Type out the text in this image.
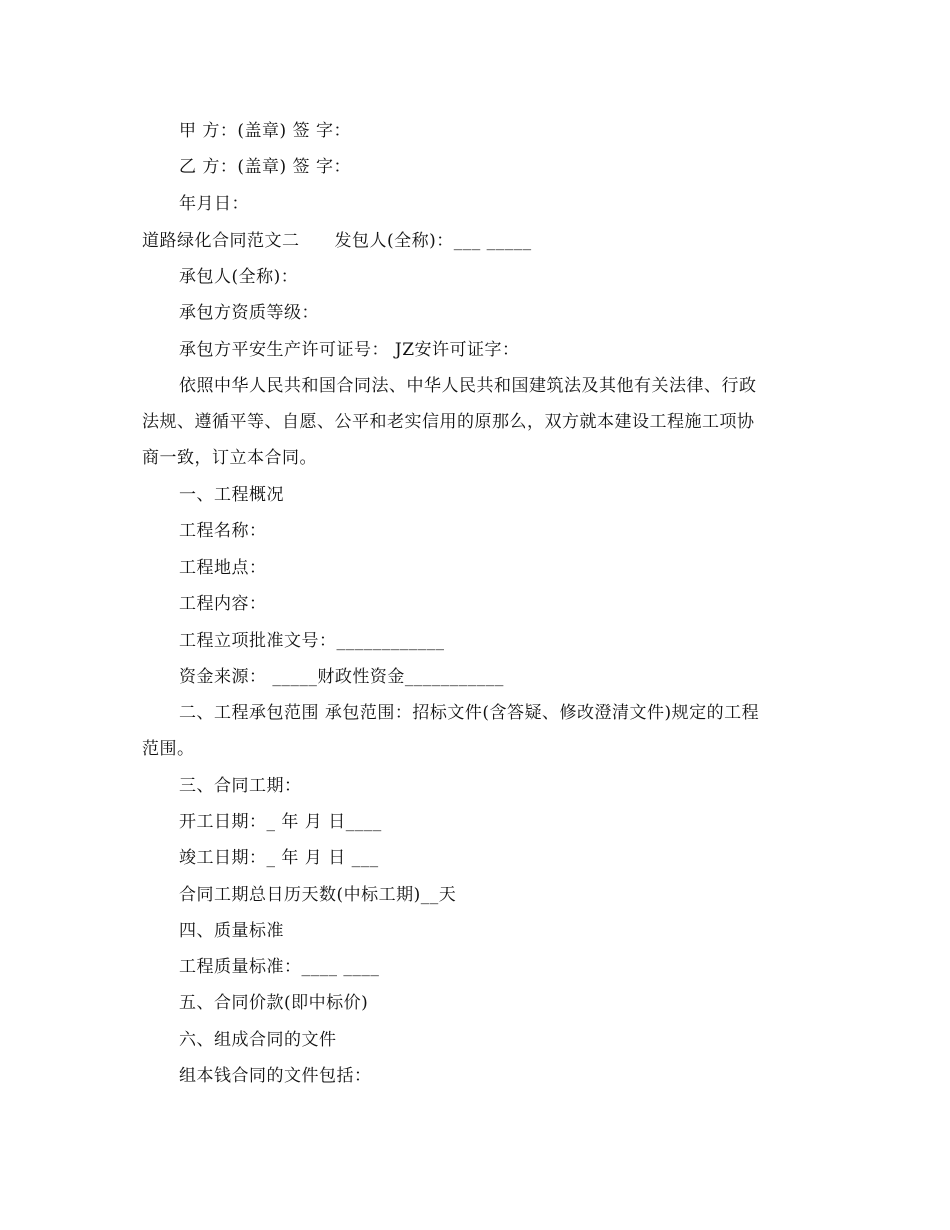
甲 方：(盖章) 签 字：
乙 方：(盖章) 签 字：
年月日：
道路绿化合同范文二　　发包人(全称)：___ _____
承包人(全称)：
承包方资质等级：
承包方平安生产许可证号： JZ安许可证字：
依照中华人民共和国合同法、中华人民共和国建筑法及其他有关法律、行政
法规、遵循平等、自愿、公平和老实信用的原那么，双方就本建设工程施工项协
商一致，订立本合同。
一、工程概况
工程名称：
工程地点：
工程内容：
工程立项批准文号：____________
资金来源： _____财政性资金___________
二、工程承包范围 承包范围：招标文件(含答疑、修改澄清文件)规定的工程
范围。
三、合同工期：
开工日期：_ 年 月 日____
竣工日期：_ 年 月 日 ___
合同工期总日历天数(中标工期)__天
四、质量标准
工程质量标准：____ ____
五、合同价款(即中标价)
六、组成合同的文件
组本钱合同的文件包括：
